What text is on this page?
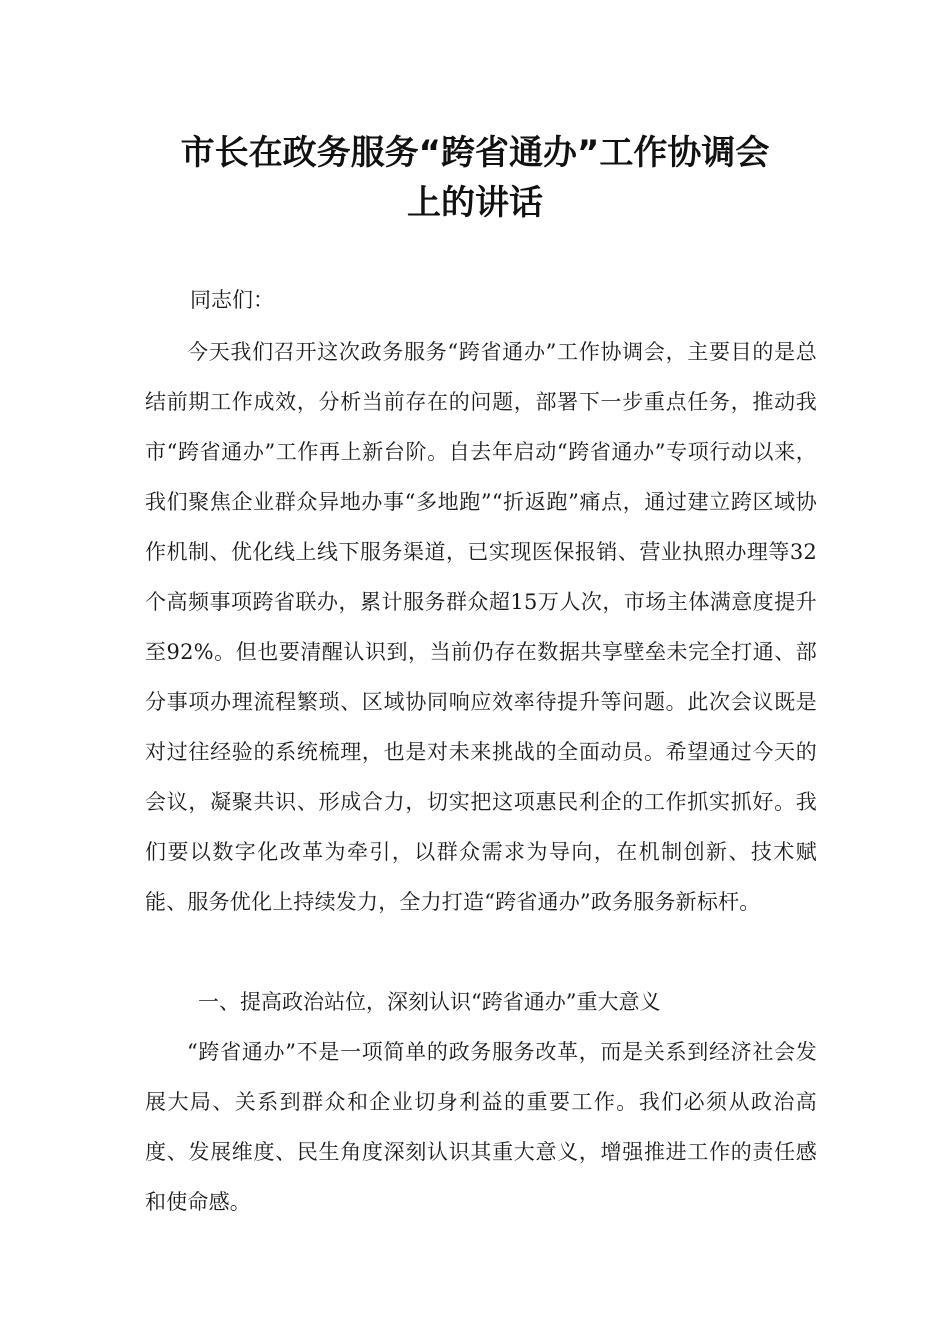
市长在政务服务“跨省通办”工作协调会
上的讲话

同志们：

今天我们召开这次政务服务“跨省通办”工作协调会，主要目的是总结前期工作成效，分析当前存在的问题，部署下一步重点任务，推动我市“跨省通办”工作再上新台阶。自去年启动“跨省通办”专项行动以来，我们聚焦企业群众异地办事“多地跑”“折返跑”痛点，通过建立跨区域协作机制、优化线上线下服务渠道，已实现医保报销、营业执照办理等32个高频事项跨省联办，累计服务群众超15万人次，市场主体满意度提升至92%。但也要清醒认识到，当前仍存在数据共享壁垒未完全打通、部分事项办理流程繁琐、区域协同响应效率待提升等问题。此次会议既是对过往经验的系统梳理，也是对未来挑战的全面动员。希望通过今天的会议，凝聚共识、形成合力，切实把这项惠民利企的工作抓实抓好。我们要以数字化改革为牵引，以群众需求为导向，在机制创新、技术赋能、服务优化上持续发力，全力打造“跨省通办”政务服务新标杆。

一、提高政治站位，深刻认识“跨省通办”重大意义

“跨省通办”不是一项简单的政务服务改革，而是关系到经济社会发展大局、关系到群众和企业切身利益的重要工作。我们必须从政治高度、发展维度、民生角度深刻认识其重大意义，增强推进工作的责任感和使命感。
